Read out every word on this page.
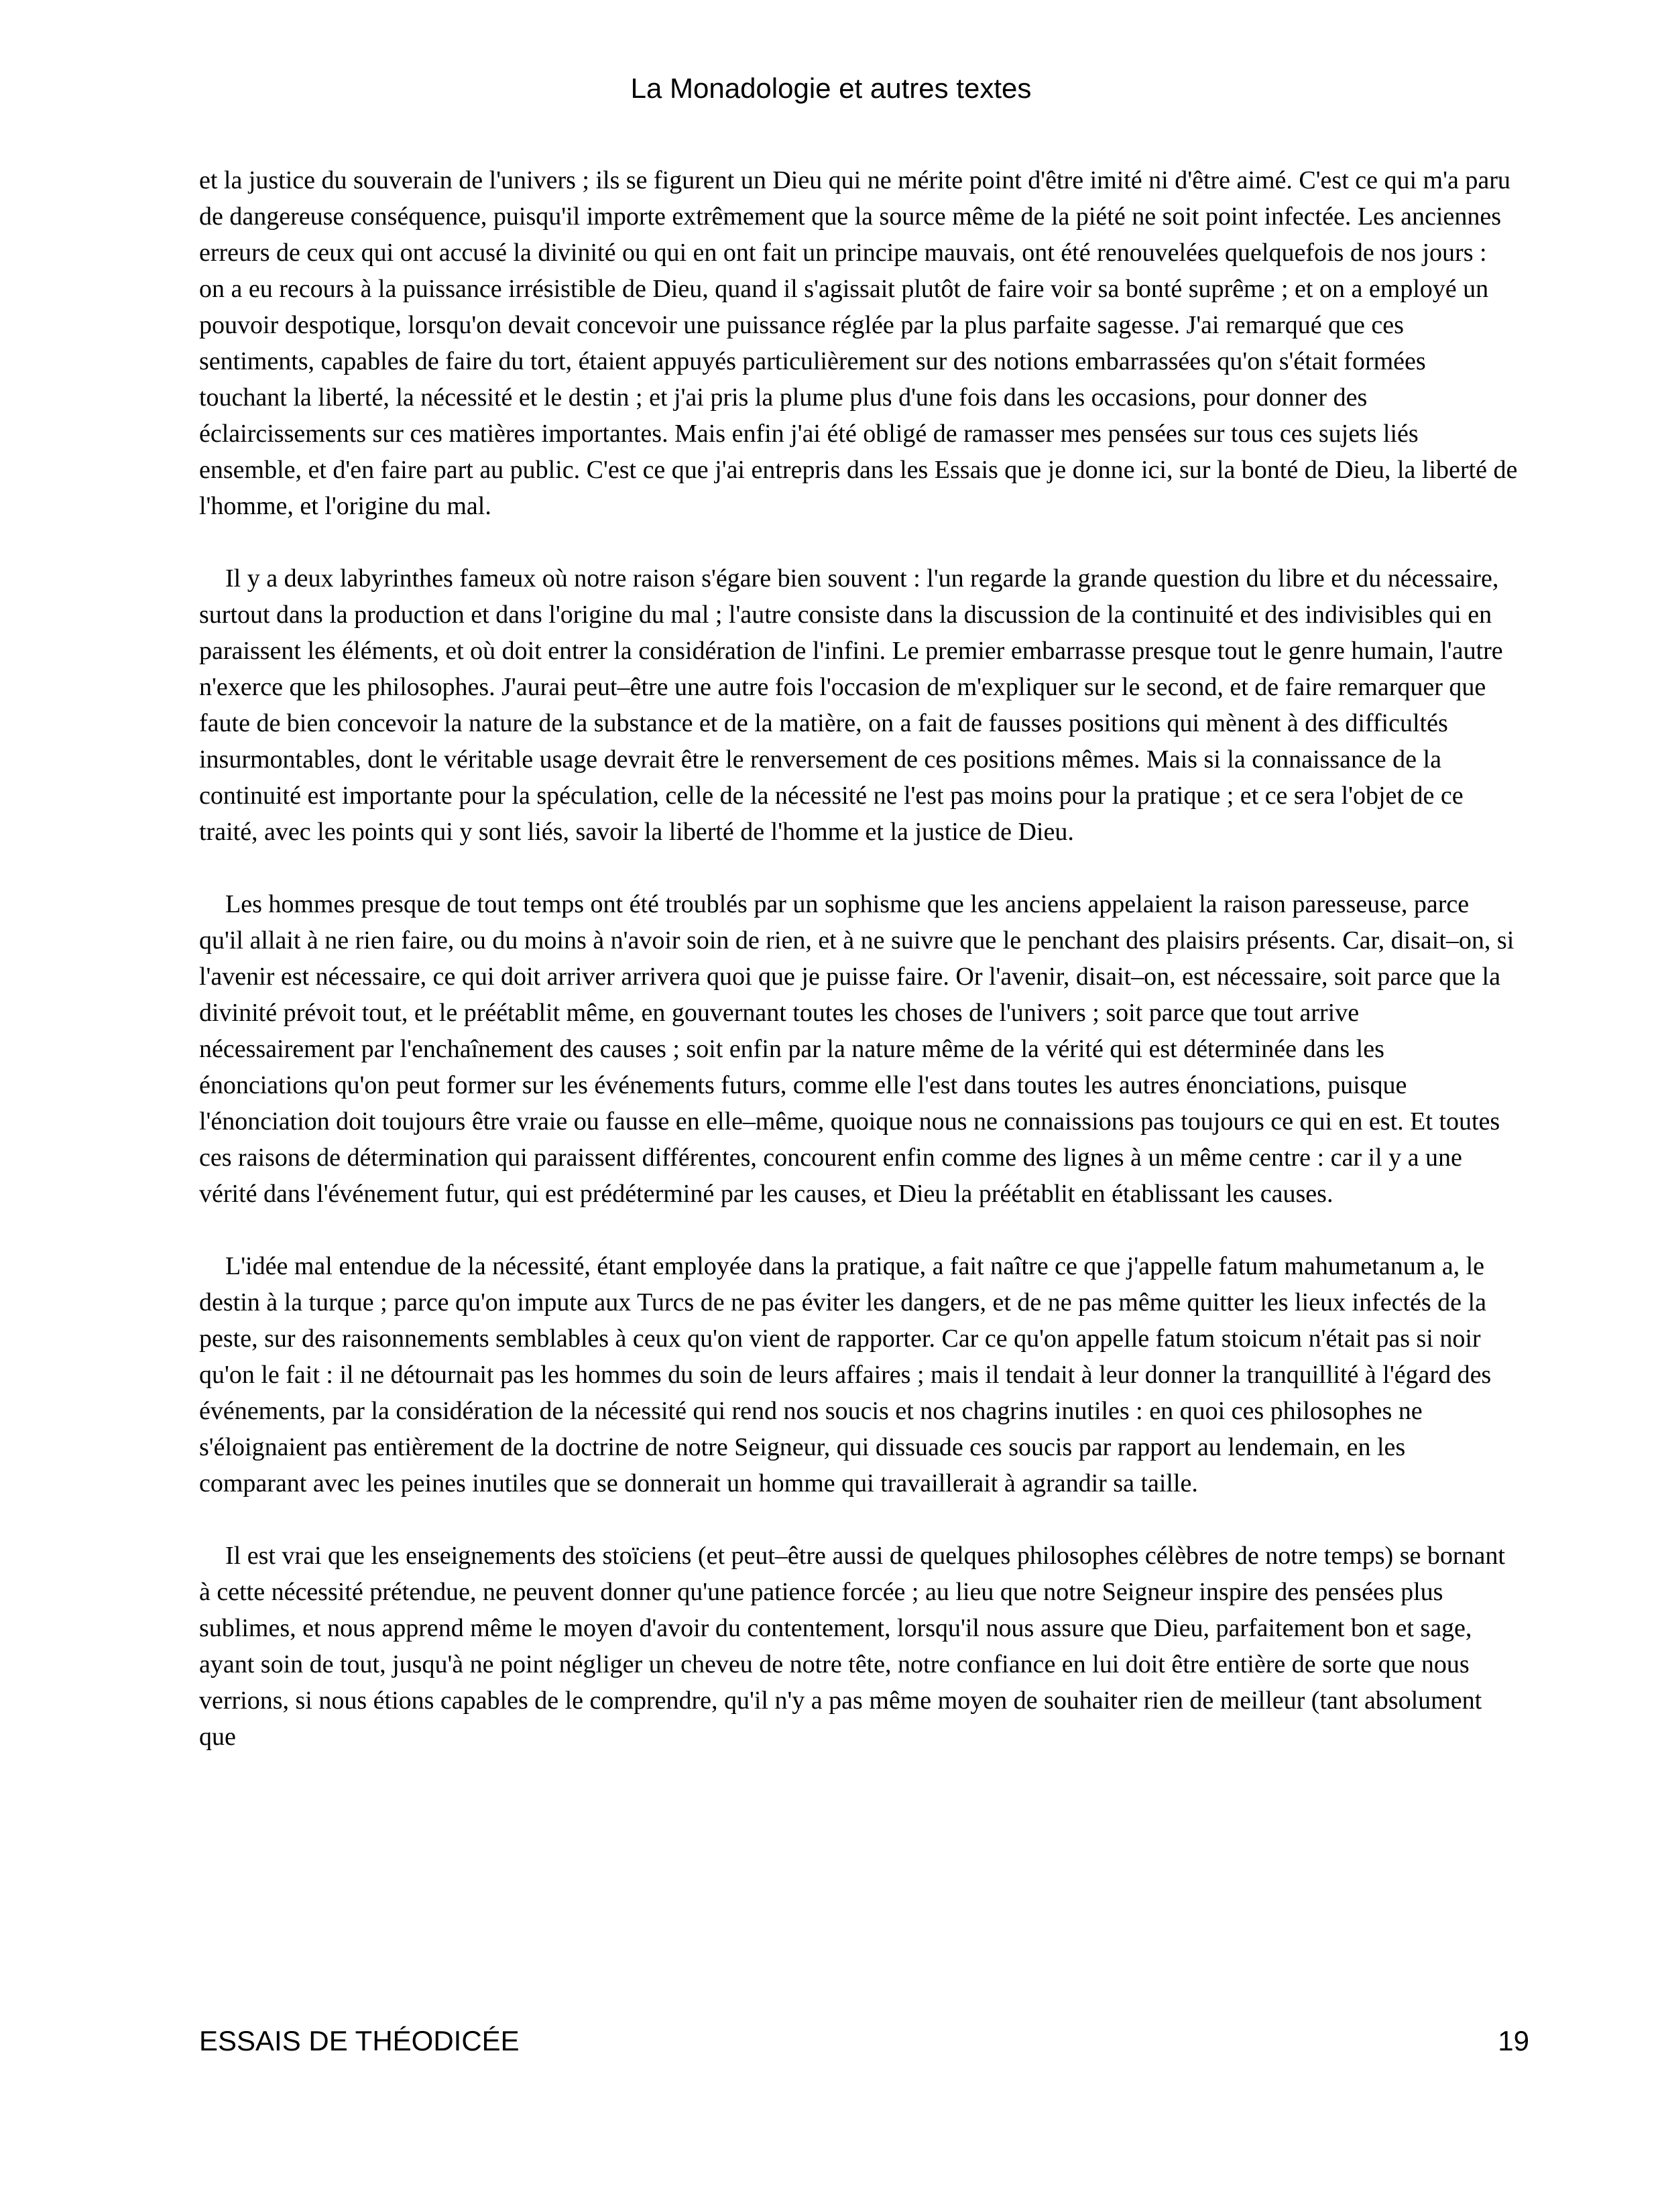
La Monadologie et autres textes

et la justice du souverain de l'univers ; ils se figurent un Dieu qui ne mérite point d'être imité ni d'être aimé. C'est ce qui m'a paru de dangereuse conséquence, puisqu'il importe extrêmement que la source même de la piété ne soit point infectée. Les anciennes erreurs de ceux qui ont accusé la divinité ou qui en ont fait un principe mauvais, ont été renouvelées quelquefois de nos jours : on a eu recours à la puissance irrésistible de Dieu, quand il s'agissait plutôt de faire voir sa bonté suprême ; et on a employé un pouvoir despotique, lorsqu'on devait concevoir une puissance réglée par la plus parfaite sagesse. J'ai remarqué que ces sentiments, capables de faire du tort, étaient appuyés particulièrement sur des notions embarrassées qu'on s'était formées touchant la liberté, la nécessité et le destin ; et j'ai pris la plume plus d'une fois dans les occasions, pour donner des éclaircissements sur ces matières importantes. Mais enfin j'ai été obligé de ramasser mes pensées sur tous ces sujets liés ensemble, et d'en faire part au public. C'est ce que j'ai entrepris dans les Essais que je donne ici, sur la bonté de Dieu, la liberté de l'homme, et l'origine du mal.

Il y a deux labyrinthes fameux où notre raison s'égare bien souvent : l'un regarde la grande question du libre et du nécessaire, surtout dans la production et dans l'origine du mal ; l'autre consiste dans la discussion de la continuité et des indivisibles qui en paraissent les éléments, et où doit entrer la considération de l'infini. Le premier embarrasse presque tout le genre humain, l'autre n'exerce que les philosophes. J'aurai peut–être une autre fois l'occasion de m'expliquer sur le second, et de faire remarquer que faute de bien concevoir la nature de la substance et de la matière, on a fait de fausses positions qui mènent à des difficultés insurmontables, dont le véritable usage devrait être le renversement de ces positions mêmes. Mais si la connaissance de la continuité est importante pour la spéculation, celle de la nécessité ne l'est pas moins pour la pratique ; et ce sera l'objet de ce traité, avec les points qui y sont liés, savoir la liberté de l'homme et la justice de Dieu.

Les hommes presque de tout temps ont été troublés par un sophisme que les anciens appelaient la raison paresseuse, parce qu'il allait à ne rien faire, ou du moins à n'avoir soin de rien, et à ne suivre que le penchant des plaisirs présents. Car, disait–on, si l'avenir est nécessaire, ce qui doit arriver arrivera quoi que je puisse faire. Or l'avenir, disait–on, est nécessaire, soit parce que la divinité prévoit tout, et le préétablit même, en gouvernant toutes les choses de l'univers ; soit parce que tout arrive nécessairement par l'enchaînement des causes ; soit enfin par la nature même de la vérité qui est déterminée dans les énonciations qu'on peut former sur les événements futurs, comme elle l'est dans toutes les autres énonciations, puisque l'énonciation doit toujours être vraie ou fausse en elle–même, quoique nous ne connaissions pas toujours ce qui en est. Et toutes ces raisons de détermination qui paraissent différentes, concourent enfin comme des lignes à un même centre : car il y a une vérité dans l'événement futur, qui est prédéterminé par les causes, et Dieu la préétablit en établissant les causes.

L'idée mal entendue de la nécessité, étant employée dans la pratique, a fait naître ce que j'appelle fatum mahumetanum a, le destin à la turque ; parce qu'on impute aux Turcs de ne pas éviter les dangers, et de ne pas même quitter les lieux infectés de la peste, sur des raisonnements semblables à ceux qu'on vient de rapporter. Car ce qu'on appelle fatum stoicum n'était pas si noir qu'on le fait : il ne détournait pas les hommes du soin de leurs affaires ; mais il tendait à leur donner la tranquillité à l'égard des événements, par la considération de la nécessité qui rend nos soucis et nos chagrins inutiles : en quoi ces philosophes ne s'éloignaient pas entièrement de la doctrine de notre Seigneur, qui dissuade ces soucis par rapport au lendemain, en les comparant avec les peines inutiles que se donnerait un homme qui travaillerait à agrandir sa taille.

Il est vrai que les enseignements des stoïciens (et peut–être aussi de quelques philosophes célèbres de notre temps) se bornant à cette nécessité prétendue, ne peuvent donner qu'une patience forcée ; au lieu que notre Seigneur inspire des pensées plus sublimes, et nous apprend même le moyen d'avoir du contentement, lorsqu'il nous assure que Dieu, parfaitement bon et sage, ayant soin de tout, jusqu'à ne point négliger un cheveu de notre tête, notre confiance en lui doit être entière de sorte que nous verrions, si nous étions capables de le comprendre, qu'il n'y a pas même moyen de souhaiter rien de meilleur (tant absolument que

ESSAIS DE THÉODICÉE	19
